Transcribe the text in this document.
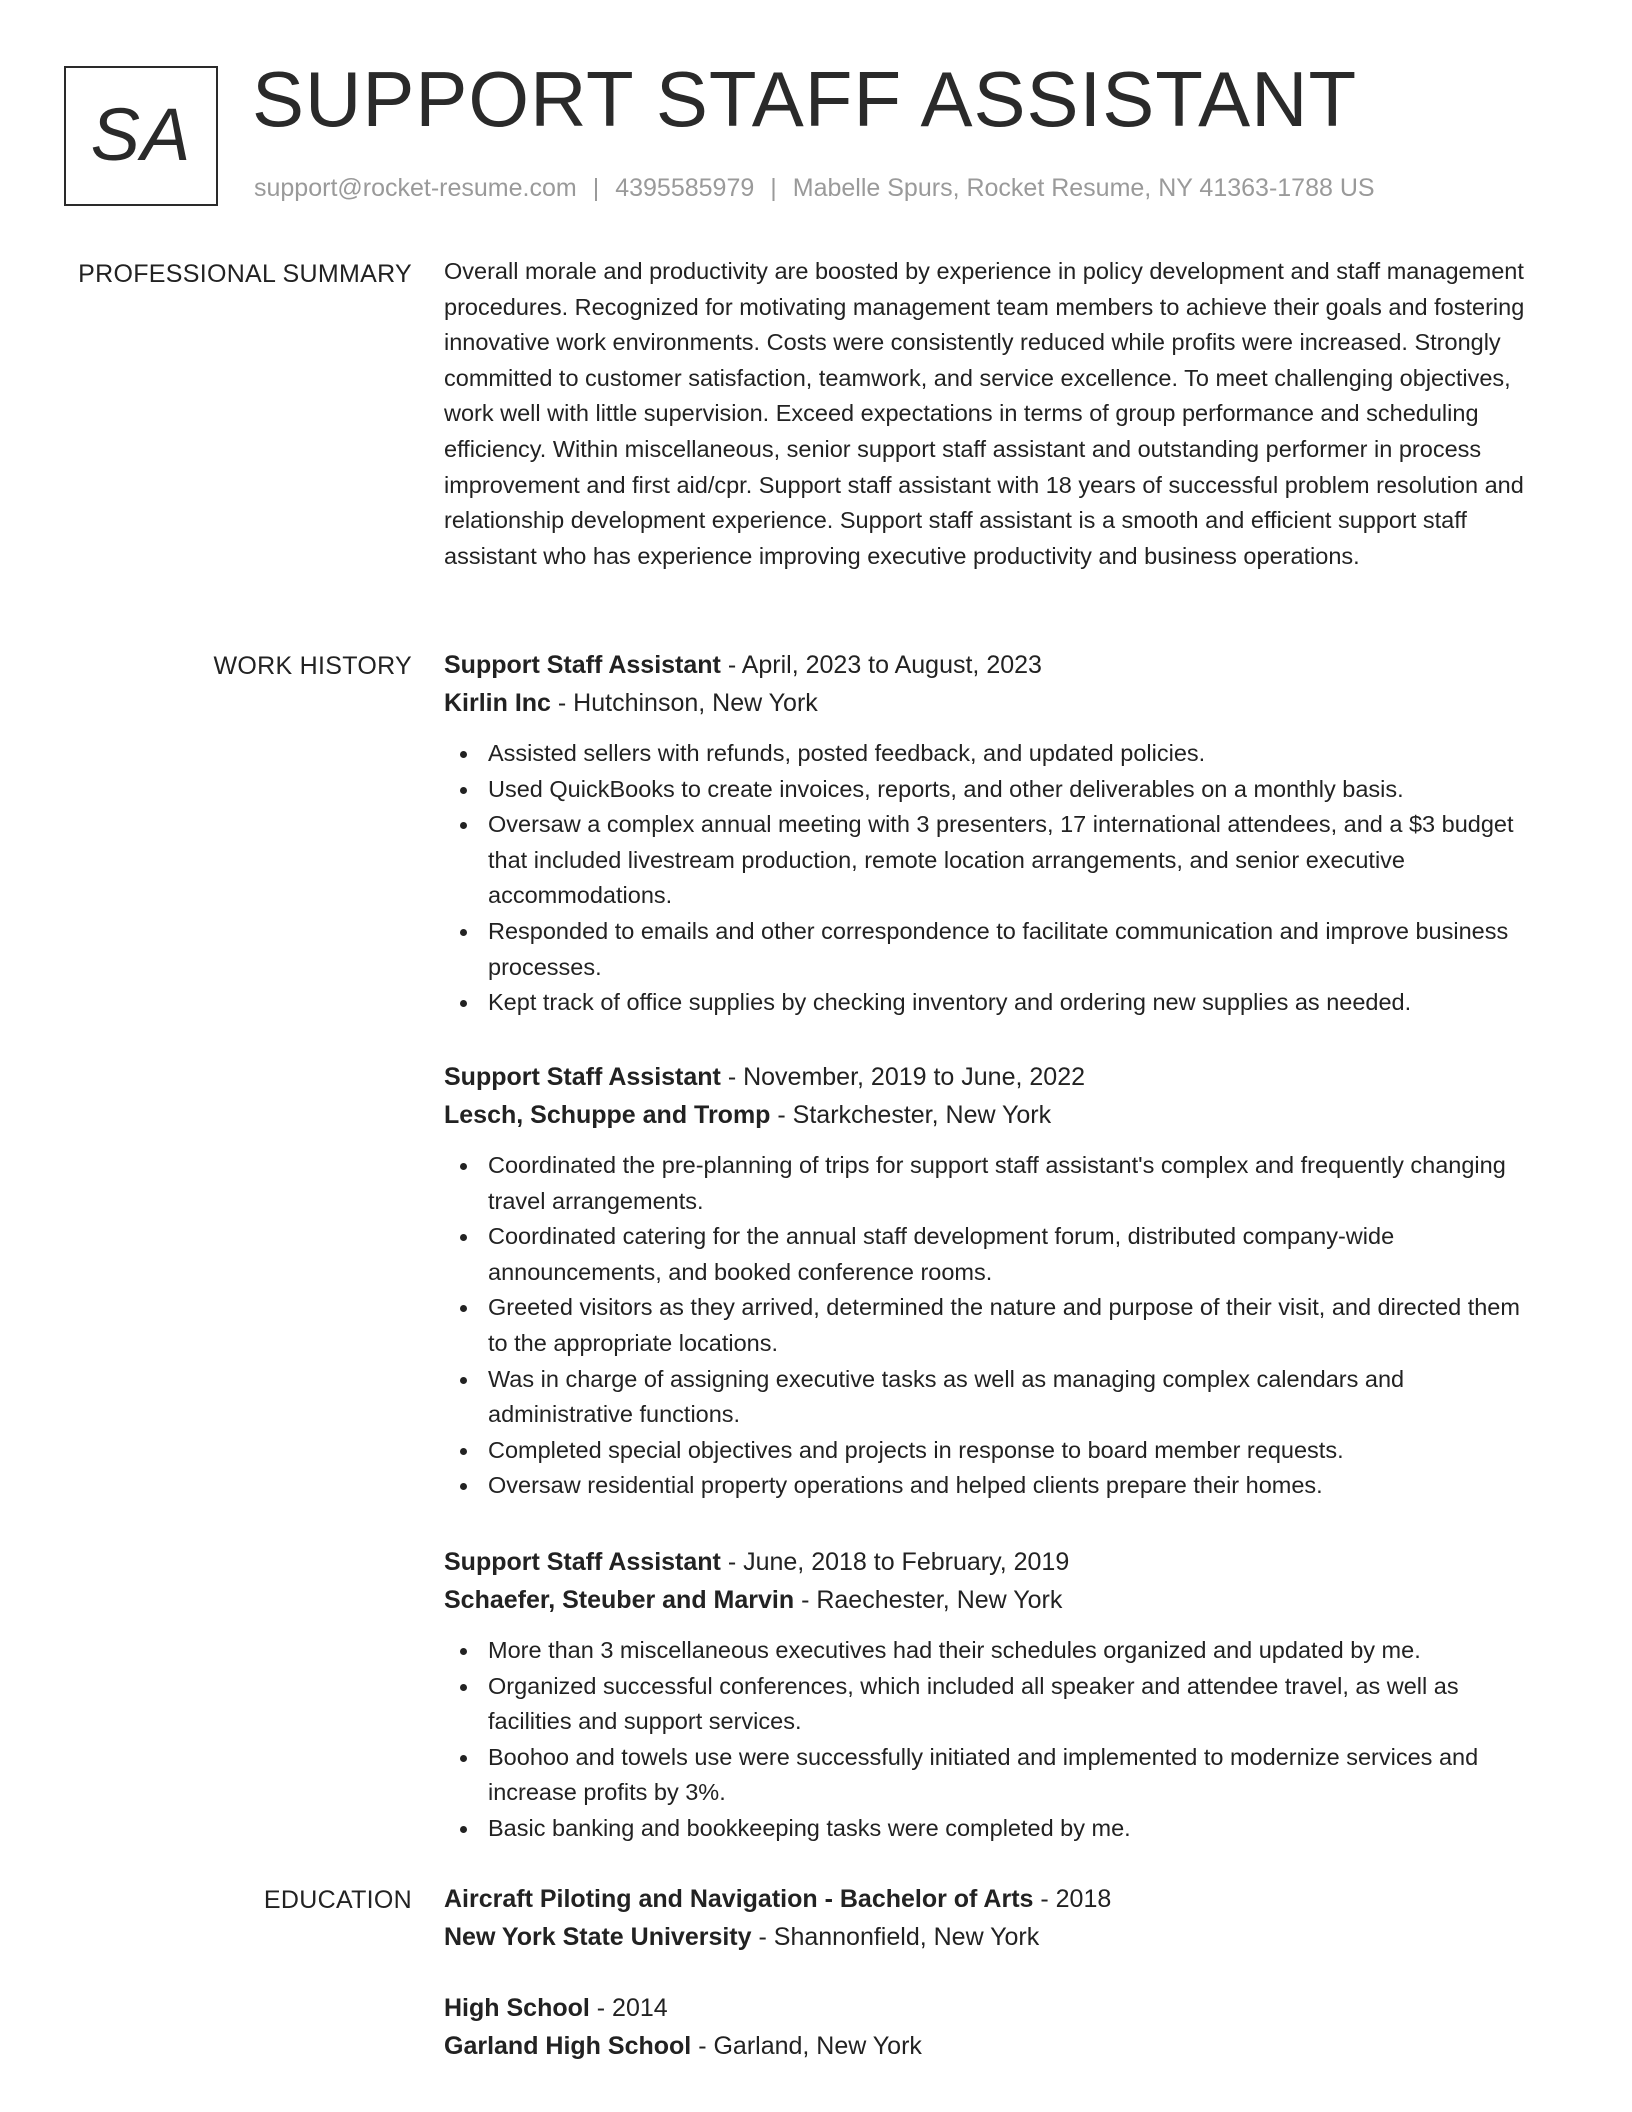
SA SUPPORT STAFF ASSISTANT
support@rocket-resume.com | 4395585979 | Mabelle Spurs, Rocket Resume, NY 41363-1788 US
PROFESSIONAL SUMMARY Overall morale and productivity are boosted by experience in policy development and staff management procedures. Recognized for motivating management team members to achieve their goals and fostering innovative work environments. Costs were consistently reduced while profits were increased. Strongly committed to customer satisfaction, teamwork, and service excellence. To meet challenging objectives, work well with little supervision. Exceed expectations in terms of group performance and scheduling efficiency. Within miscellaneous, senior support staff assistant and outstanding performer in process improvement and first aid/cpr. Support staff assistant with 18 years of successful problem resolution and relationship development experience. Support staff assistant is a smooth and efficient support staff assistant who has experience improving executive productivity and business operations.

WORK HISTORY Support Staff Assistant - April, 2023 to August, 2023
Kirlin Inc - Hutchinson, New York
Assisted sellers with refunds, posted feedback, and updated policies.
Used QuickBooks to create invoices, reports, and other deliverables on a monthly basis.
Oversaw a complex annual meeting with 3 presenters, 17 international attendees, and a $3 budget that included livestream production, remote location arrangements, and senior executive accommodations.
Responded to emails and other correspondence to facilitate communication and improve business processes.
Kept track of office supplies by checking inventory and ordering new supplies as needed.
Support Staff Assistant - November, 2019 to June, 2022
Lesch, Schuppe and Tromp - Starkchester, New York
Coordinated the pre-planning of trips for support staff assistant's complex and frequently changing travel arrangements.
Coordinated catering for the annual staff development forum, distributed company-wide announcements, and booked conference rooms.
Greeted visitors as they arrived, determined the nature and purpose of their visit, and directed them to the appropriate locations.
Was in charge of assigning executive tasks as well as managing complex calendars and administrative functions.
Completed special objectives and projects in response to board member requests.
Oversaw residential property operations and helped clients prepare their homes.
Support Staff Assistant - June, 2018 to February, 2019
Schaefer, Steuber and Marvin - Raechester, New York
More than 3 miscellaneous executives had their schedules organized and updated by me.
Organized successful conferences, which included all speaker and attendee travel, as well as facilities and support services.
Boohoo and towels use were successfully initiated and implemented to modernize services and increase profits by 3%.
Basic banking and bookkeeping tasks were completed by me.
EDUCATION Aircraft Piloting and Navigation - Bachelor of Arts - 2018
New York State University - Shannonfield, New York
High School - 2014
Garland High School - Garland, New York
